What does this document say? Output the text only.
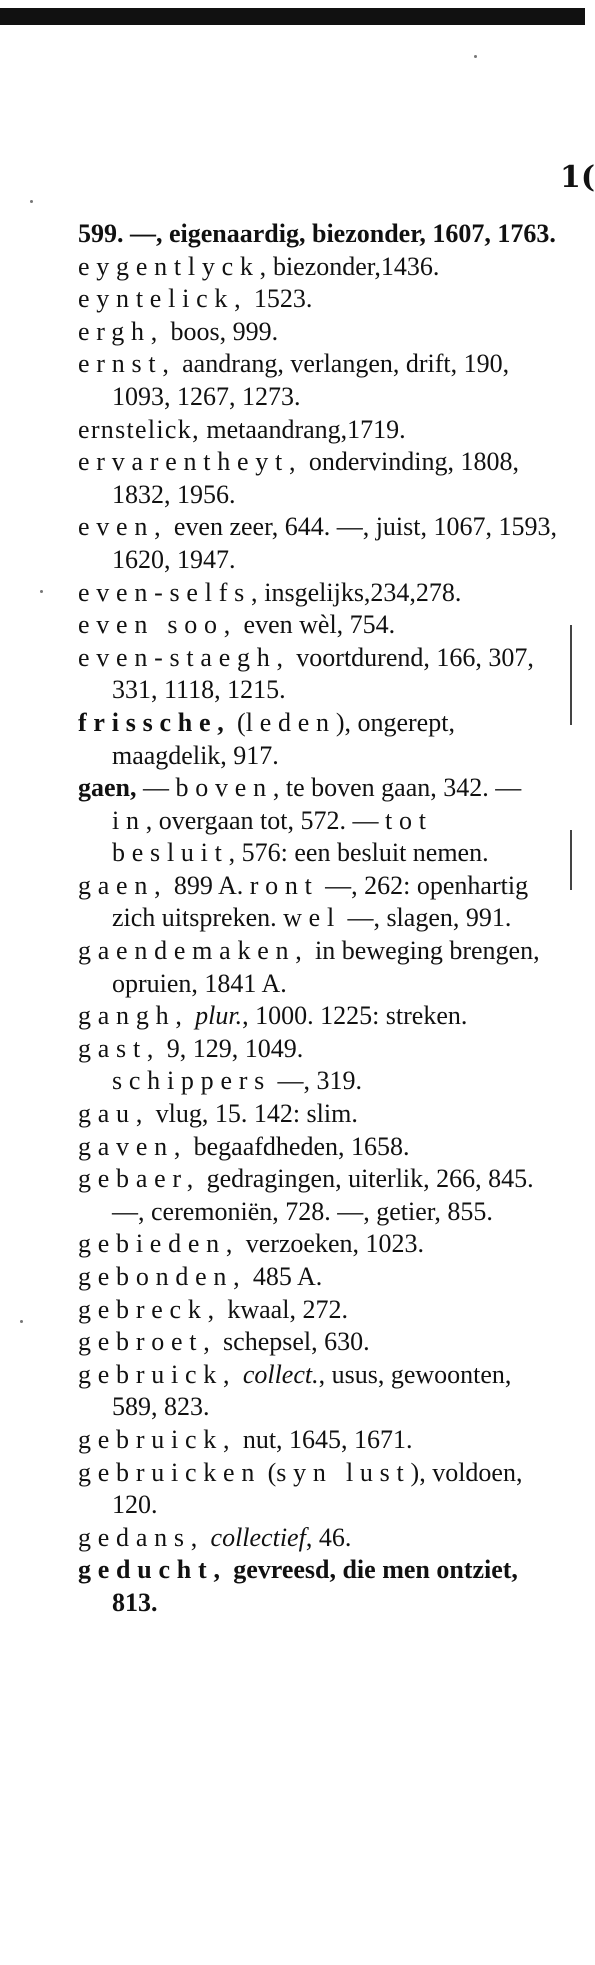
1(

599. —, eigenaardig, biezonder, 1607, 1763.

eygentlyck,biezonder,1436.

eyntelick, 1523.

ergh, boos, 999.

ernst, aandrang, verlangen, drift, 190, 1093, 1267, 1273.

ernstelick, metaandrang,1719.

ervarentheyt, ondervinding, 1808, 1832, 1956.

even, even zeer, 644. —, juist, 1067, 1593, 1620, 1947.

even-selfs,insgelijks,234,278.

even soo, even wèl, 754.

even-staegh, voortdurend, 166, 307, 331, 1118, 1215.

frissche, (leden), ongerept, maagdelik, 917.

gaen, — boven, te boven gaan, 342. — in, overgaan tot, 572. — tot besluit, 576: een besluit nemen.

gaen, 899 A. ront —, 262: openhartig zich uitspreken. wel —, slagen, 991.

gaendemaken, in beweging brengen, opruien, 1841 A.

gangh, plur., 1000. 1225: streken.

gast, 9, 129, 1049.

schippers —, 319.

gau, vlug, 15. 142: slim.

gaven, begaafdheden, 1658.

gebaer, gedragingen, uiterlik, 266, 845. —, ceremoniën, 728. —, getier, 855.

gebieden, verzoeken, 1023.

gebonden, 485 A.

gebreck, kwaal, 272.

gebroet, schepsel, 630.

gebruick, collect., usus, gewoonten, 589, 823.

gebruick, nut, 1645, 1671.

gebruicken (syn lust), voldoen, 120.

gedans, collectief, 46.

geducht, gevreesd, die men ontziet, 813.
